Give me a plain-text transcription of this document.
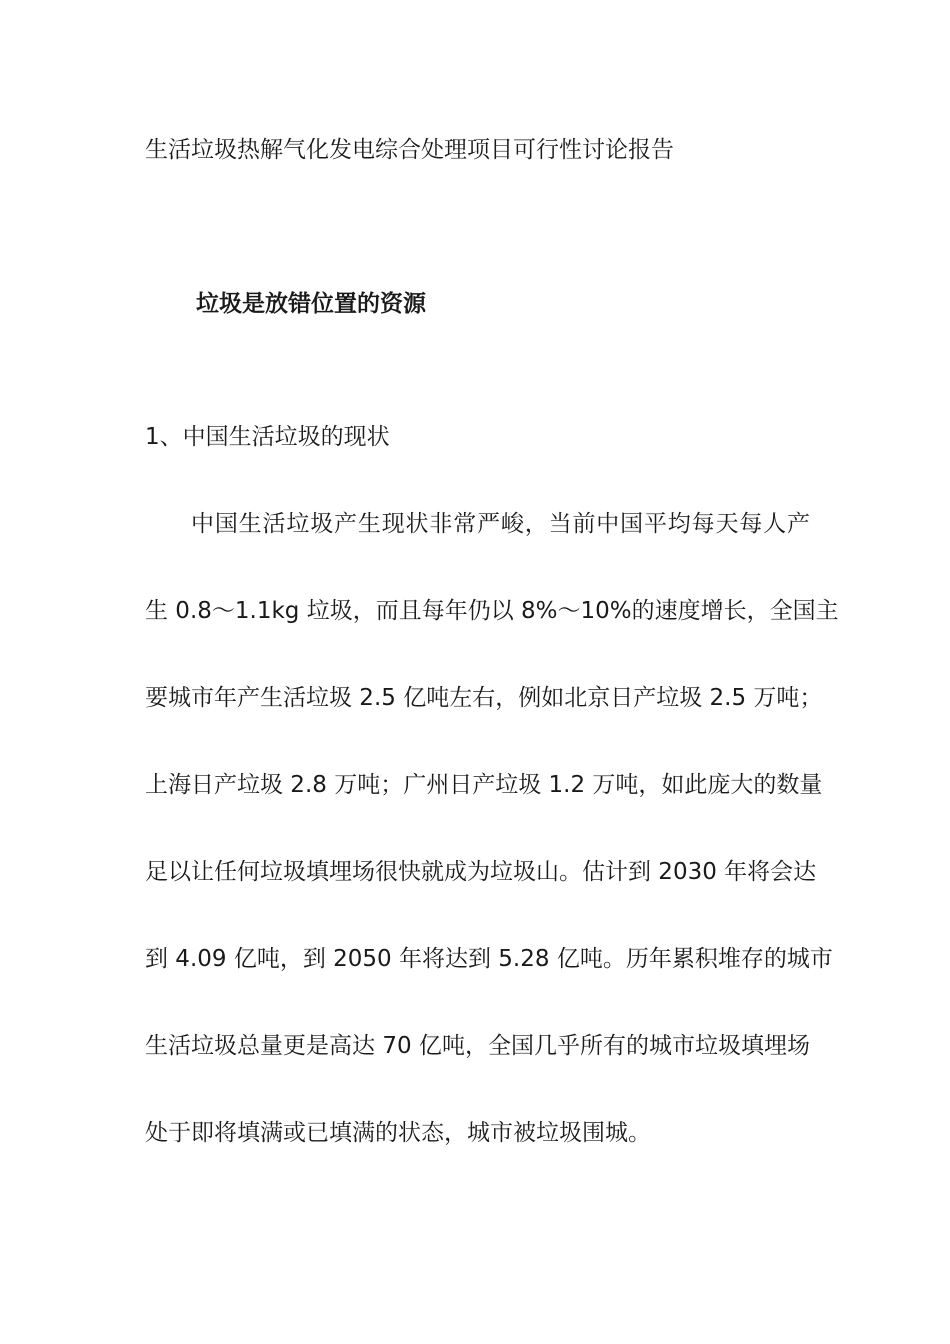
生活垃圾热解气化发电综合处理项目可行性讨论报告
垃圾是放错位置的资源
1、中国生活垃圾的现状
中国生活垃圾产生现状非常严峻，当前中国平均每天每人产
生 0.8～1.1kg 垃圾，而且每年仍以 8%～10%的速度增长，全国主
要城市年产生活垃圾 2.5 亿吨左右，例如北京日产垃圾 2.5 万吨；
上海日产垃圾 2.8 万吨；广州日产垃圾 1.2 万吨，如此庞大的数量
足以让任何垃圾填埋场很快就成为垃圾山。估计到 2030 年将会达
到 4.09 亿吨，到 2050 年将达到 5.28 亿吨。历年累积堆存的城市
生活垃圾总量更是高达 70 亿吨，全国几乎所有的城市垃圾填埋场
处于即将填满或已填满的状态，城市被垃圾围城。
